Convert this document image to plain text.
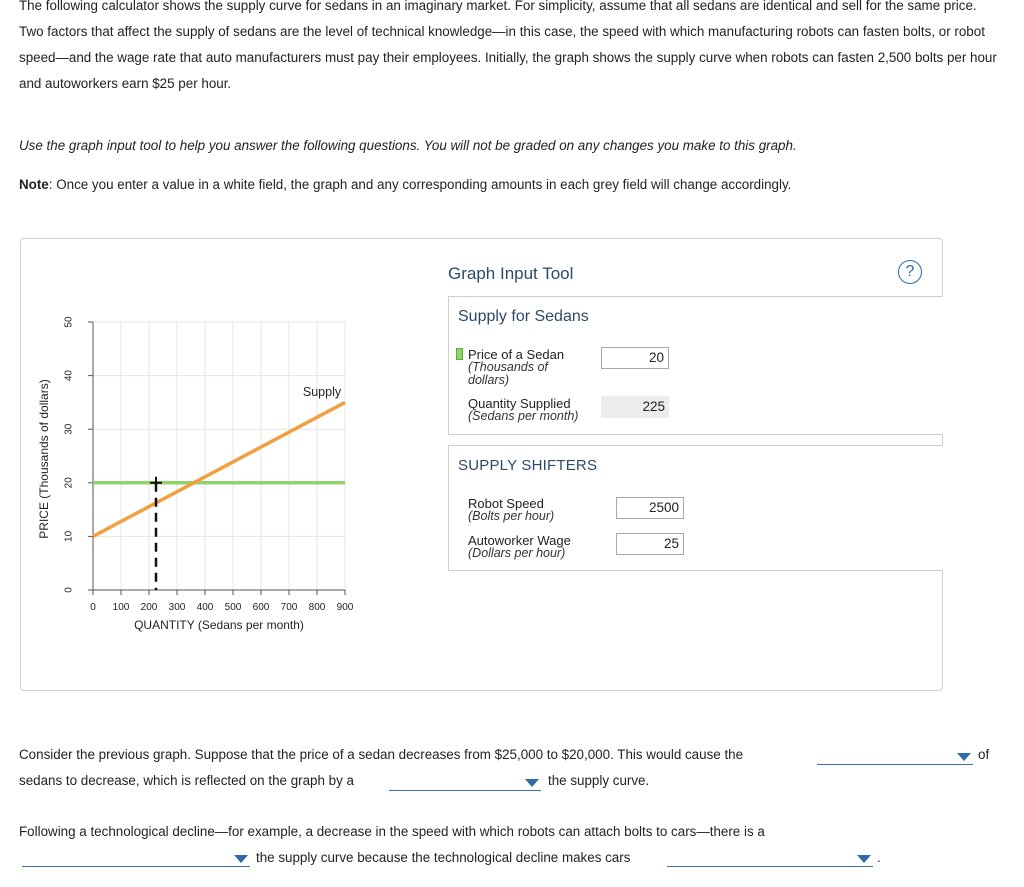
The following calculator shows the supply curve for sedans in an imaginary market. For simplicity, assume that all sedans are identical and sell for the same price. Two factors that affect the supply of sedans are the level of technical knowledge—in this case, the speed with which manufacturing robots can fasten bolts, or robot speed—and the wage rate that auto manufacturers must pay their employees. Initially, the graph shows the supply curve when robots can fasten 2,500 bolts per hour and autoworkers earn $25 per hour.
Use the graph input tool to help you answer the following questions. You will not be graded on any changes you make to this graph.
Note: Once you enter a value in a white field, the graph and any corresponding amounts in each grey field will change accordingly.
0
10
20
30
40
50
0 100 200 300 400 500 600 700 800 900
PRICE (Thousands of dollars)
QUANTITY (Sedans per month)
Supply
Graph Input Tool	?
Supply for Sedans
Price of a Sedan
(Thousands of
dollars)
20
Quantity Supplied
(Sedans per month)
225
SUPPLY SHIFTERS
Robot Speed
(Bolts per hour)
2500
Autoworker Wage
(Dollars per hour)
25
Consider the previous graph. Suppose that the price of a sedan decreases from $25,000 to $20,000. This would cause the	of
sedans to decrease, which is reflected on the graph by a	the supply curve.
Following a technological decline—for example, a decrease in the speed with which robots can attach bolts to cars—there is a
the supply curve because the technological decline makes cars	.
